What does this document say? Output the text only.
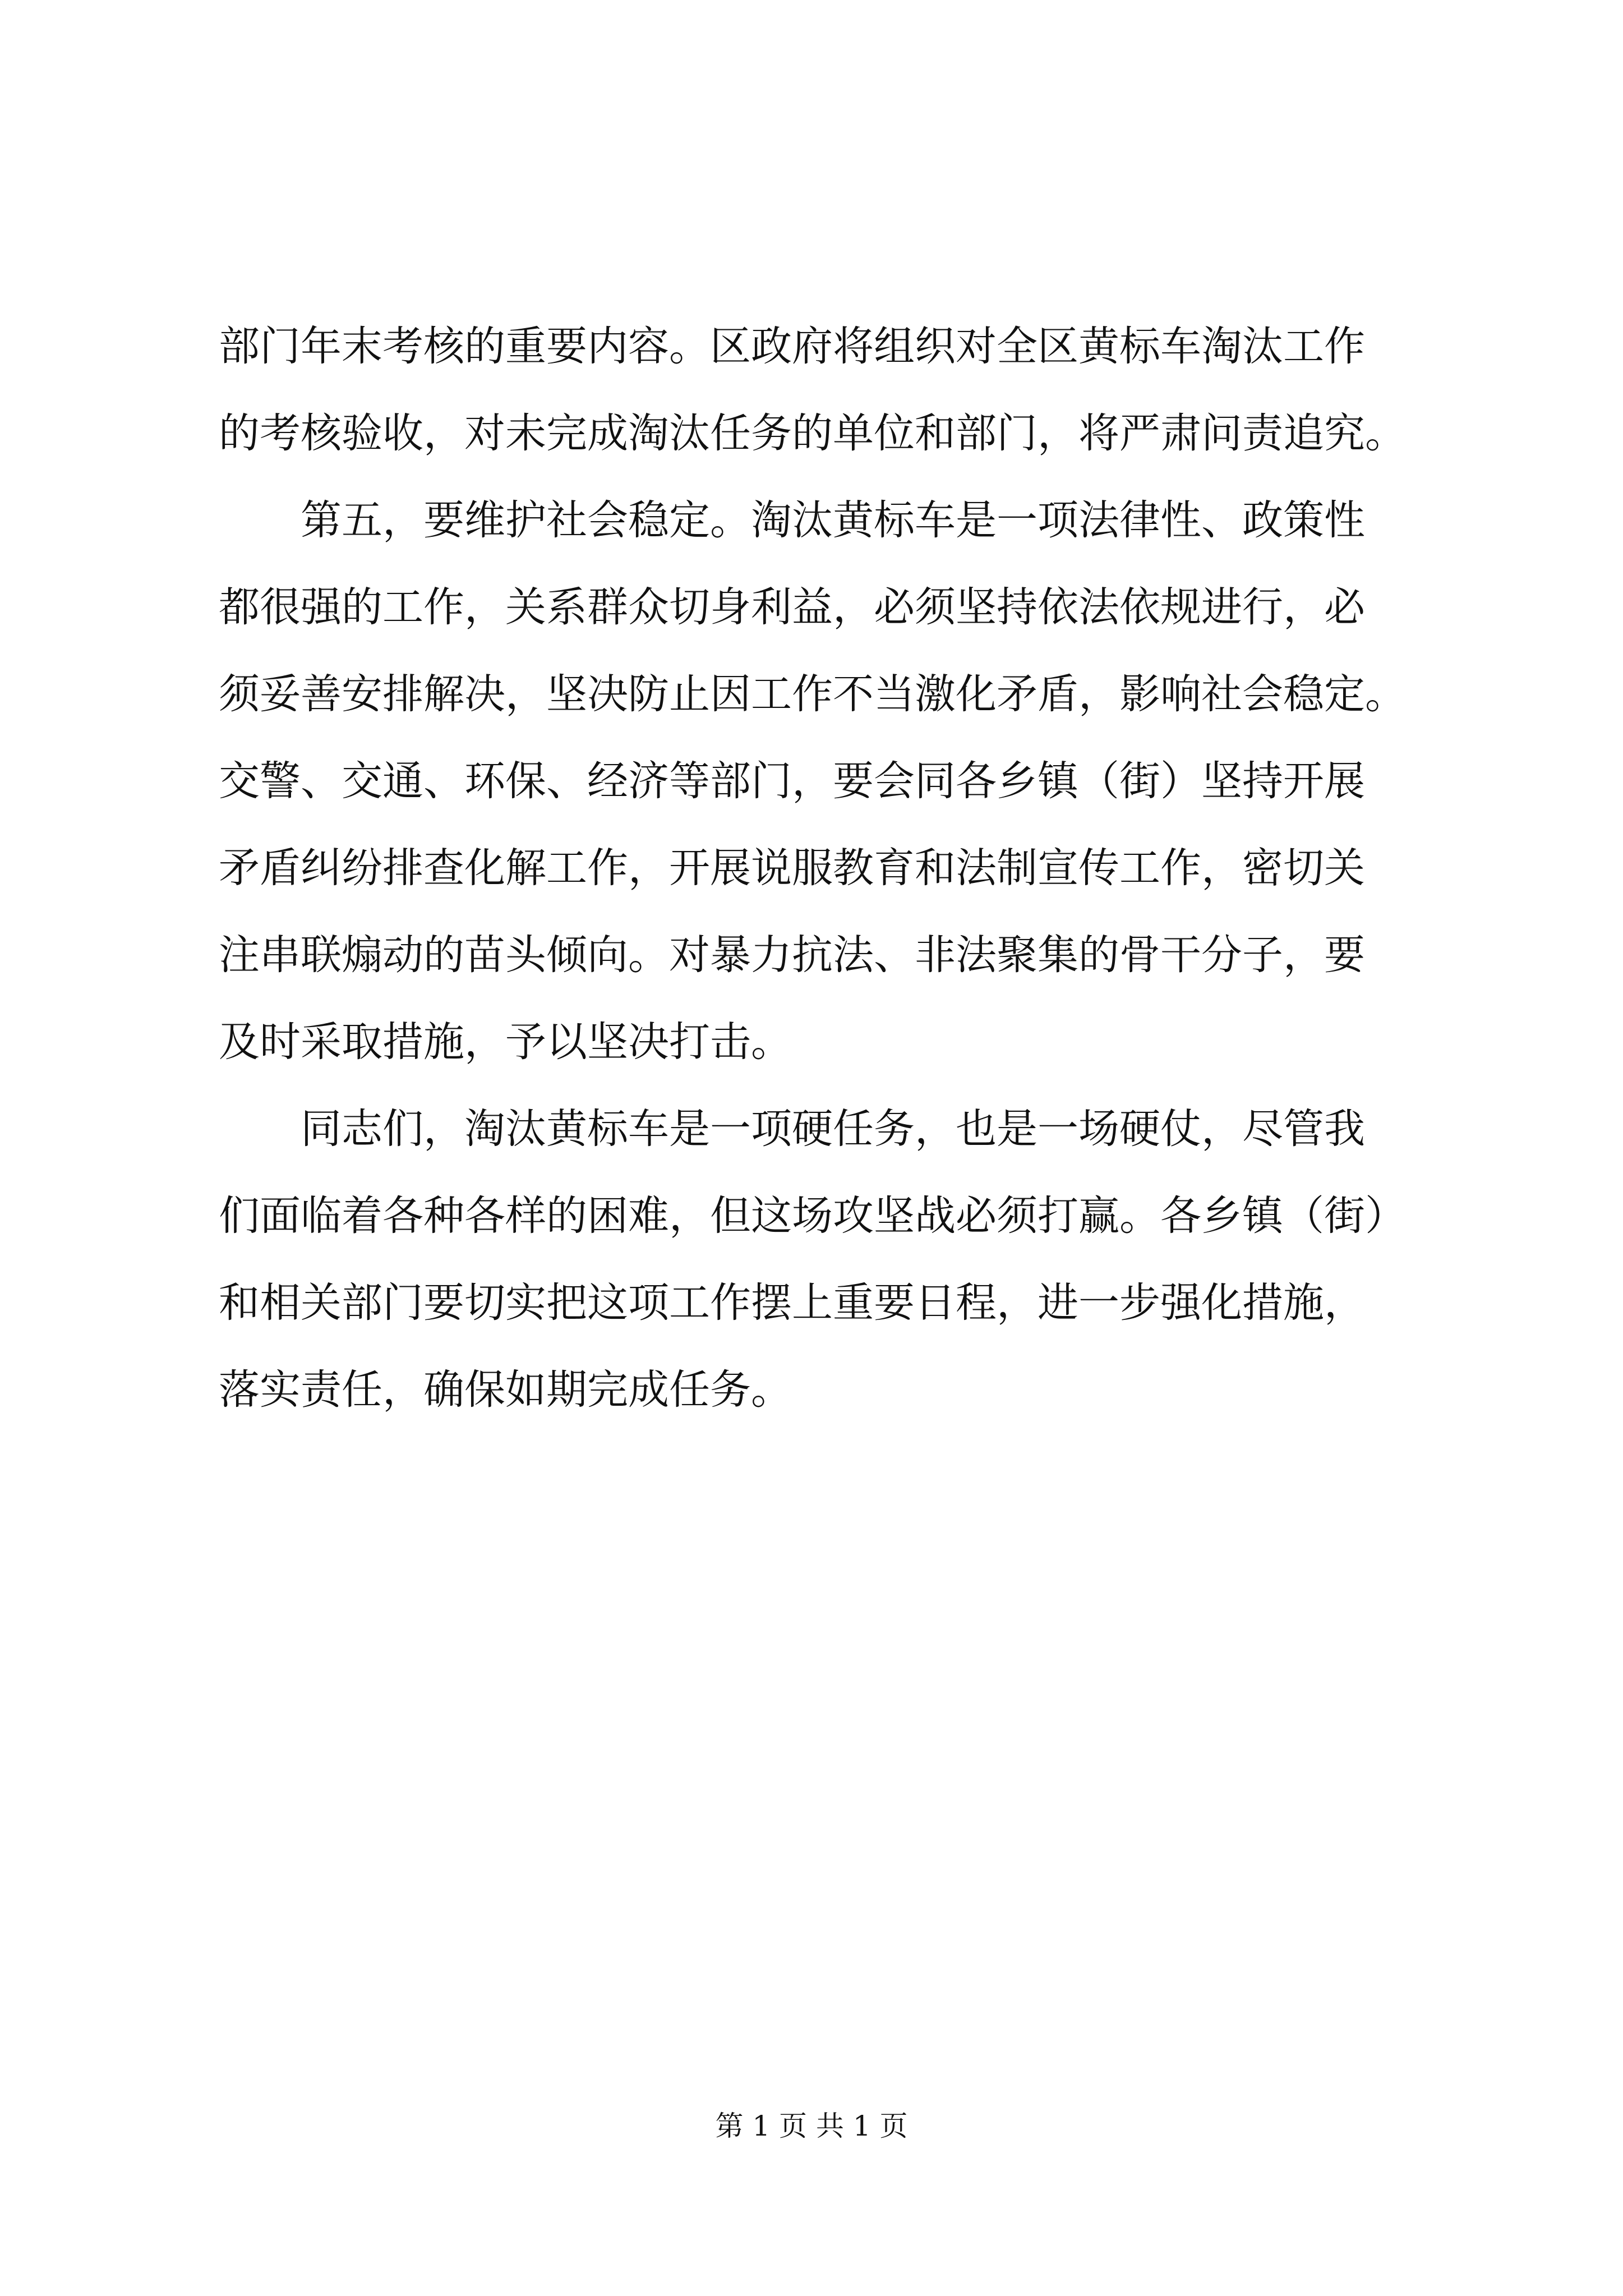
部门年末考核的重要内容。区政府将组织对全区黄标车淘汰工作
的考核验收，对未完成淘汰任务的单位和部门，将严肃问责追究。
第五，要维护社会稳定。淘汰黄标车是一项法律性、政策性
都很强的工作，关系群众切身利益，必须坚持依法依规进行，必
须妥善安排解决，坚决防止因工作不当激化矛盾，影响社会稳定。
交警、交通、环保、经济等部门，要会同各乡镇（街）坚持开展
矛盾纠纷排查化解工作，开展说服教育和法制宣传工作，密切关
注串联煽动的苗头倾向。对暴力抗法、非法聚集的骨干分子，要
及时采取措施，予以坚决打击。
同志们，淘汰黄标车是一项硬任务，也是一场硬仗，尽管我
们面临着各种各样的困难，但这场攻坚战必须打赢。各乡镇（街）
和相关部门要切实把这项工作摆上重要日程，进一步强化措施，
落实责任，确保如期完成任务。
第 1 页 共 1 页
